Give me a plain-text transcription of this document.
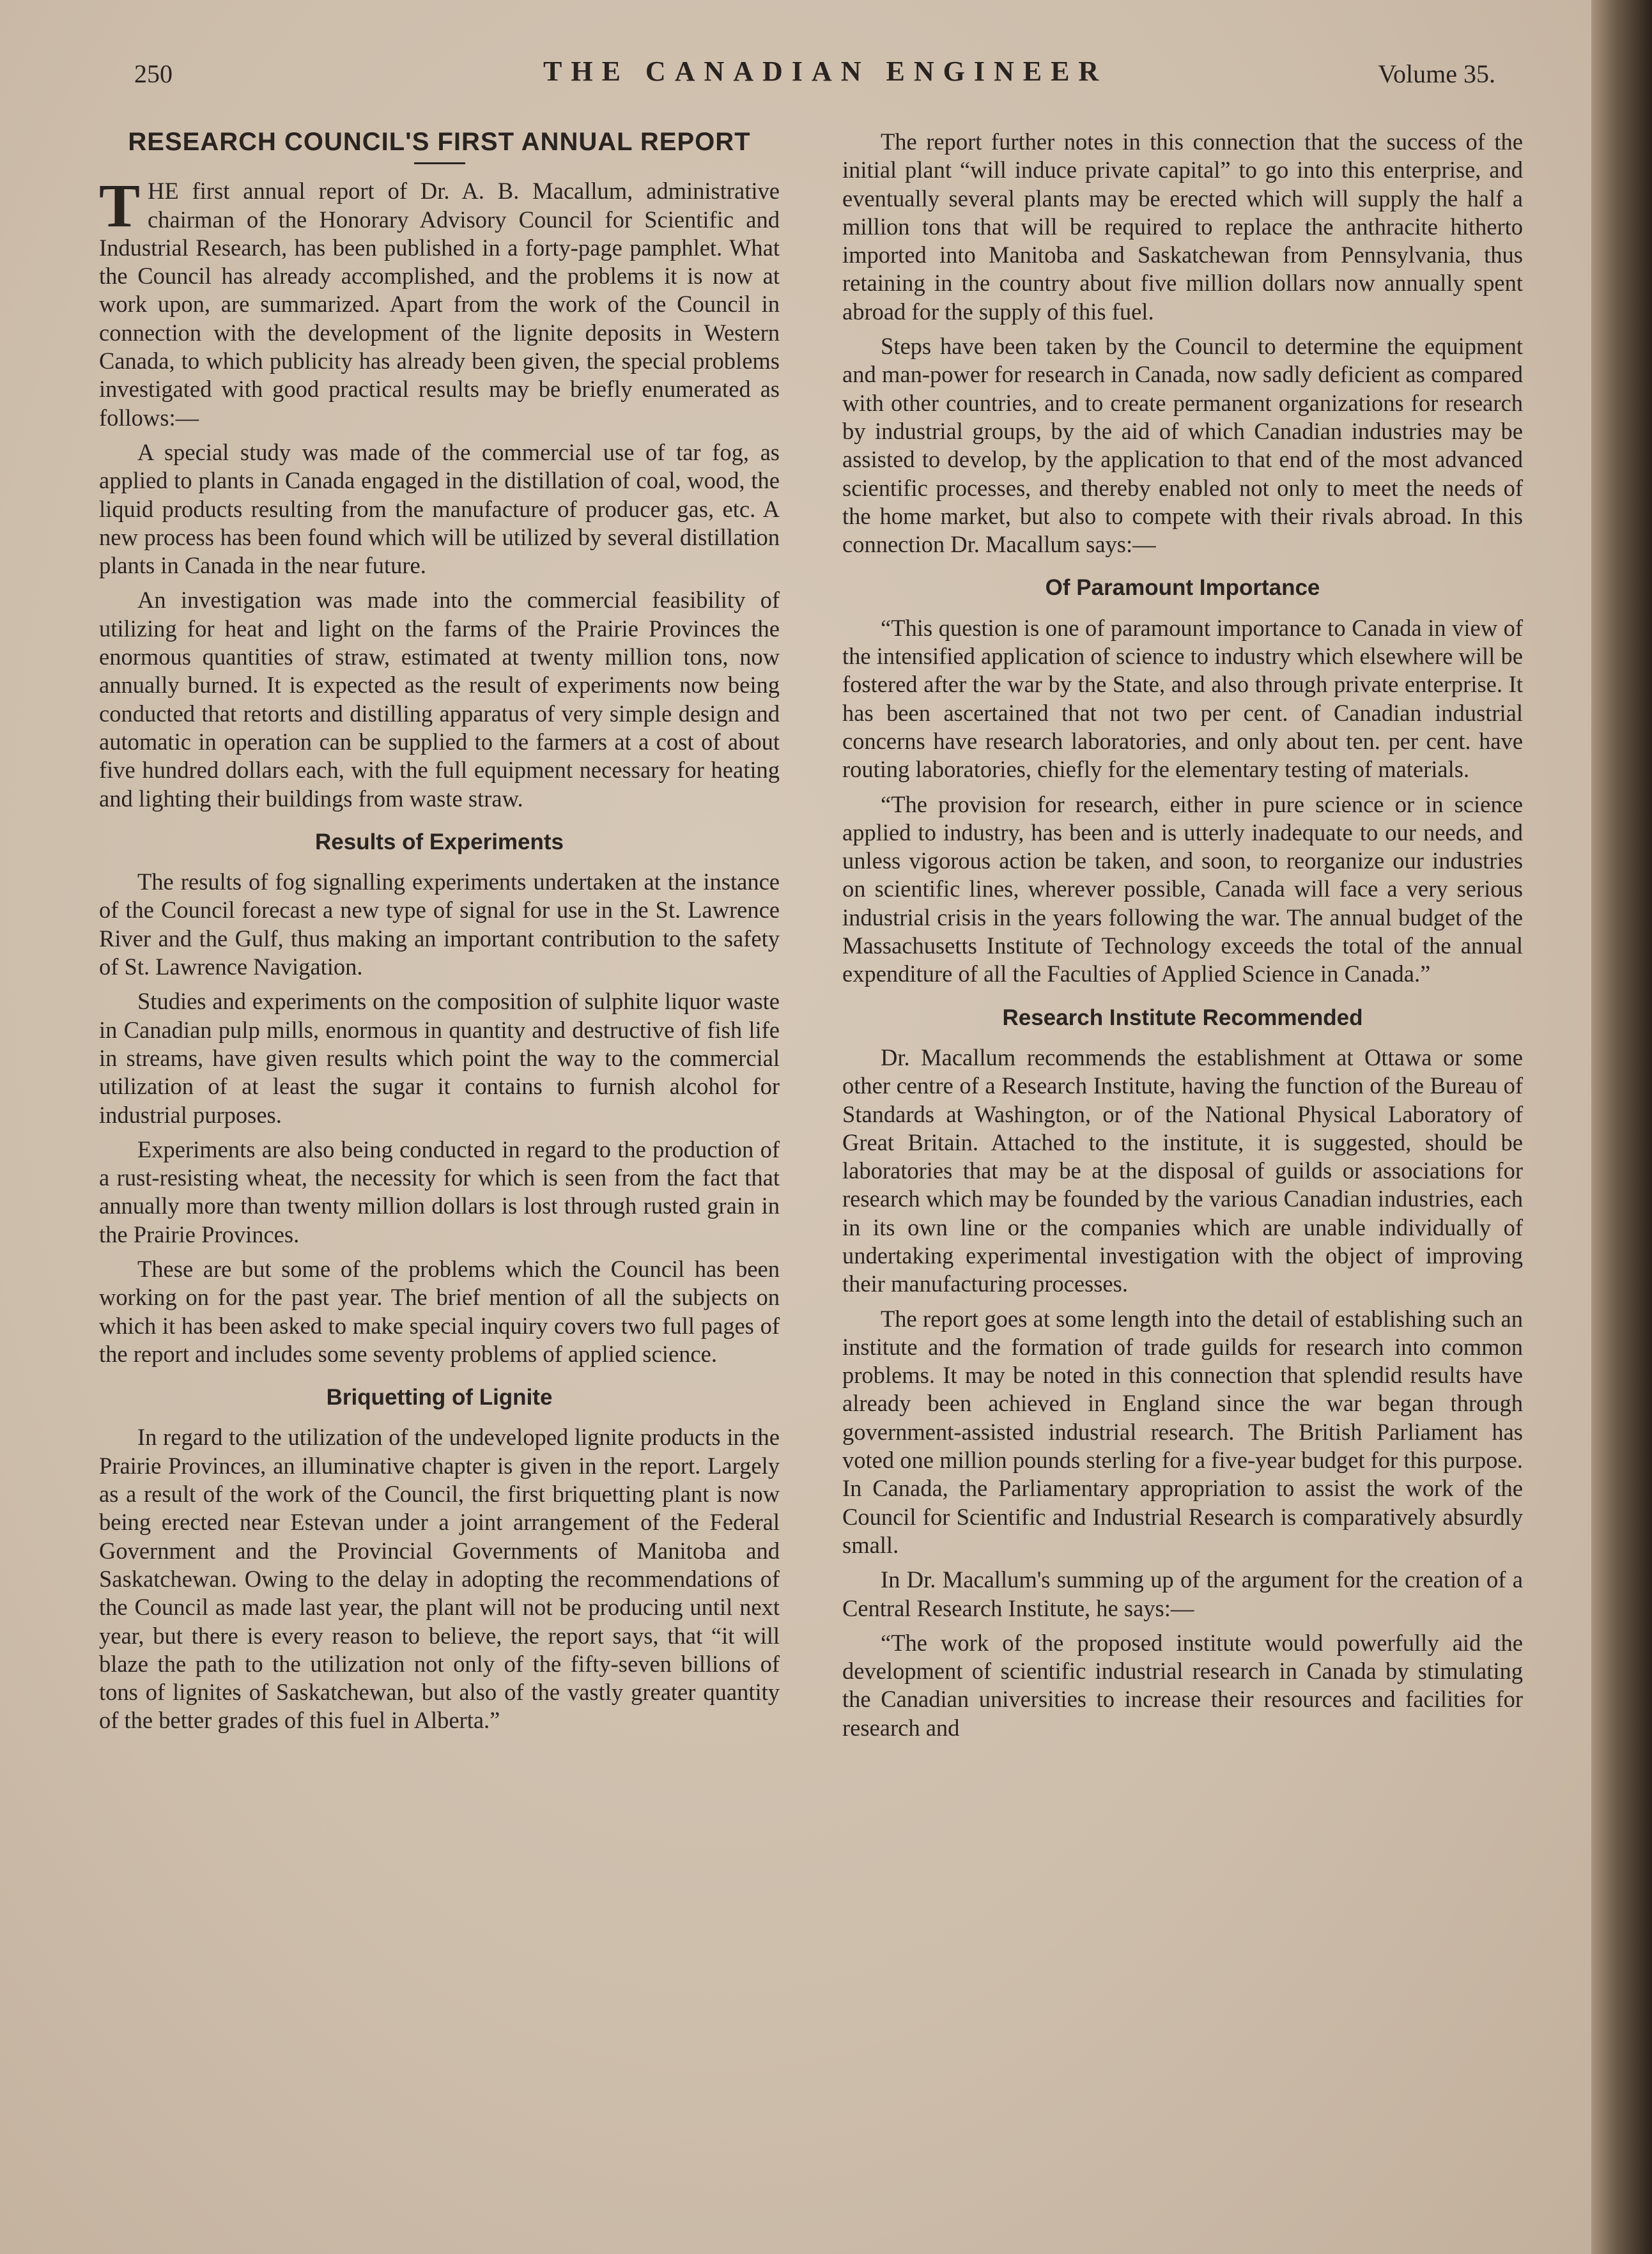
250	THE CANADIAN ENGINEER	Volume 35.
RESEARCH COUNCIL'S FIRST ANNUAL REPORT

THE first annual report of Dr. A. B. Macallum, administrative chairman of the Honorary Advisory Council for Scientific and Industrial Research, has been published in a forty-page pamphlet. What the Council has already accomplished, and the problems it is now at work upon, are summarized. Apart from the work of the Council in connection with the development of the lignite deposits in Western Canada, to which publicity has already been given, the special problems investigated with good practical results may be briefly enumerated as follows:—

A special study was made of the commercial use of tar fog, as applied to plants in Canada engaged in the distillation of coal, wood, the liquid products resulting from the manufacture of producer gas, etc. A new process has been found which will be utilized by several distillation plants in Canada in the near future.

An investigation was made into the commercial feasibility of utilizing for heat and light on the farms of the Prairie Provinces the enormous quantities of straw, estimated at twenty million tons, now annually burned. It is expected as the result of experiments now being conducted that retorts and distilling apparatus of very simple design and automatic in operation can be supplied to the farmers at a cost of about five hundred dollars each, with the full equipment necessary for heating and lighting their buildings from waste straw.

Results of Experiments

The results of fog signalling experiments undertaken at the instance of the Council forecast a new type of signal for use in the St. Lawrence River and the Gulf, thus making an important contribution to the safety of St. Lawrence Navigation.

Studies and experiments on the composition of sulphite liquor waste in Canadian pulp mills, enormous in quantity and destructive of fish life in streams, have given results which point the way to the commercial utilization of at least the sugar it contains to furnish alcohol for industrial purposes.

Experiments are also being conducted in regard to the production of a rust-resisting wheat, the necessity for which is seen from the fact that annually more than twenty million dollars is lost through rusted grain in the Prairie Provinces.

These are but some of the problems which the Council has been working on for the past year. The brief mention of all the subjects on which it has been asked to make special inquiry covers two full pages of the report and includes some seventy problems of applied science.

Briquetting of Lignite

In regard to the utilization of the undeveloped lignite products in the Prairie Provinces, an illuminative chapter is given in the report. Largely as a result of the work of the Council, the first briquetting plant is now being erected near Estevan under a joint arrangement of the Federal Government and the Provincial Governments of Manitoba and Saskatchewan. Owing to the delay in adopting the recommendations of the Council as made last year, the plant will not be producing until next year, but there is every reason to believe, the report says, that “it will blaze the path to the utilization not only of the fifty-seven billions of tons of lignites of Saskatchewan, but also of the vastly greater quantity of the better grades of this fuel in Alberta.”

The report further notes in this connection that the success of the initial plant “will induce private capital” to go into this enterprise, and eventually several plants may be erected which will supply the half a million tons that will be required to replace the anthracite hitherto imported into Manitoba and Saskatchewan from Pennsylvania, thus retaining in the country about five million dollars now annually spent abroad for the supply of this fuel.

Steps have been taken by the Council to determine the equipment and man-power for research in Canada, now sadly deficient as compared with other countries, and to create permanent organizations for research by industrial groups, by the aid of which Canadian industries may be assisted to develop, by the application to that end of the most advanced scientific processes, and thereby enabled not only to meet the needs of the home market, but also to compete with their rivals abroad. In this connection Dr. Macallum says:—

Of Paramount Importance

“This question is one of paramount importance to Canada in view of the intensified application of science to industry which elsewhere will be fostered after the war by the State, and also through private enterprise. It has been ascertained that not two per cent. of Canadian industrial concerns have research laboratories, and only about ten. per cent. have routing laboratories, chiefly for the elementary testing of materials.

“The provision for research, either in pure science or in science applied to industry, has been and is utterly inadequate to our needs, and unless vigorous action be taken, and soon, to reorganize our industries on scientific lines, wherever possible, Canada will face a very serious industrial crisis in the years following the war. The annual budget of the Massachusetts Institute of Technology exceeds the total of the annual expenditure of all the Faculties of Applied Science in Canada.”

Research Institute Recommended

Dr. Macallum recommends the establishment at Ottawa or some other centre of a Research Institute, having the function of the Bureau of Standards at Washington, or of the National Physical Laboratory of Great Britain. Attached to the institute, it is suggested, should be laboratories that may be at the disposal of guilds or associations for research which may be founded by the various Canadian industries, each in its own line or the companies which are unable individually of undertaking experimental investigation with the object of improving their manufacturing processes.

The report goes at some length into the detail of establishing such an institute and the formation of trade guilds for research into common problems. It may be noted in this connection that splendid results have already been achieved in England since the war began through government-assisted industrial research. The British Parliament has voted one million pounds sterling for a five-year budget for this purpose. In Canada, the Parliamentary appropriation to assist the work of the Council for Scientific and Industrial Research is comparatively absurdly small.

In Dr. Macallum's summing up of the argument for the creation of a Central Research Institute, he says:—

“The work of the proposed institute would powerfully aid the development of scientific industrial research in Canada by stimulating the Canadian universities to increase their resources and facilities for research and
